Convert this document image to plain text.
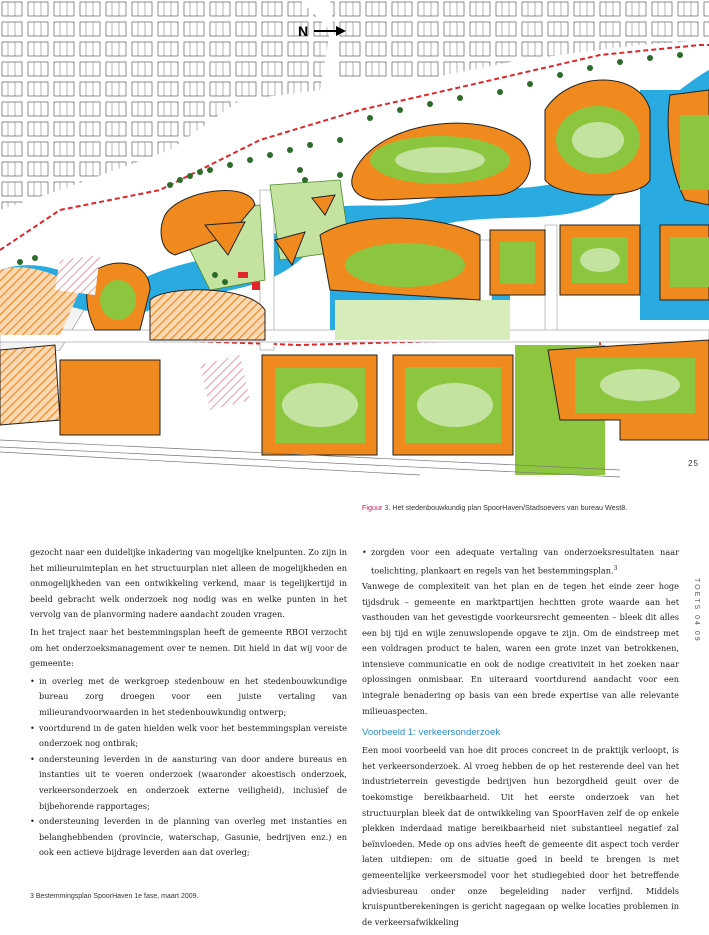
N
25
Figuur 3. Het stedenbouwkundig plan SpoorHaven/Stadsoevers van bureau West8.

gezocht naar een duidelijke inkadering van mogelijke knelpunten. Zo zijn in het milieuruimteplan en het structuurplan niet alleen de mogelijkheden en onmogelijkheden van een ontwikkeling verkend, maar is tegelijkertijd in beeld gebracht welk onderzoek nog nodig was en welke punten in het vervolg van de planvorming nadere aandacht zouden vragen.

In het traject naar het bestemmingsplan heeft de gemeente RBOI verzocht om het onderzoeksmanagement over te nemen. Dit hield in dat wij voor de gemeente:

• in overleg met de werkgroep stedenbouw en het stedenbouwkundige bureau zorg droegen voor een juiste vertaling van milieurandvoorwaarden in het stedenbouwkundig ontwerp;
• voortdurend in de gaten hielden welk voor het bestemmingsplan vereiste onderzoek nog ontbrak;
• ondersteuning leverden in de aansturing van door andere bureaus en instanties uit te voeren onderzoek (waaronder akoestisch onderzoek, verkeersonderzoek en onderzoek externe veiligheid), inclusief de bijbehorende rapportages;
• ondersteuning leverden in de planning van overleg met instanties en belanghebbenden (provincie, waterschap, Gasunie, bedrijven enz.) en ook een actieve bijdrage leverden aan dat overleg;
• zorgden voor een adequate vertaling van onderzoeksresultaten naar toelichting, plankaart en regels van het bestemmingsplan.$^3$

Vanwege de complexiteit van het plan en de tegen het einde zeer hoge tijdsdruk – gemeente en marktpartijen hechtten grote waarde aan het vasthouden van het gevestigde voorkeursrecht gemeenten – bleek dit alles een bij tijd en wijle zenuwslopende opgave te zijn. Om de eindstreep met een voldragen product te halen, waren een grote inzet van betrokkenen, intensieve communicatie en ook de nodige creativiteit in het zoeken naar oplossingen onmisbaar. En uiteraard voortdurend aandacht voor een integrale benadering op basis van een brede expertise van alle relevante milieuaspecten.

Voorbeeld 1: verkeersonderzoek

Een mooi voorbeeld van hoe dit proces concreet in de praktijk verloopt, is het verkeersonderzoek. Al vroeg hebben de op het resterende deel van het industrieterrein gevestigde bedrijven hun bezorgdheid geuit over de toekomstige bereikbaarheid. Uit het eerste onderzoek van het structuurplan bleek dat de ontwikkeling van SpoorHaven zelf de op enkele plekken inderdaad matige bereikbaarheid niet substantieel negatief zal beïnvloeden. Mede op ons advies heeft de gemeente dit aspect toch verder laten uitdiepen: om de situatie goed in beeld te brengen is met gemeentelijke verkeersmodel voor het studiegebied door het betreffende adviesbureau onder onze begeleiding nader verfijnd. Middels kruispuntberekeningen is gericht nagegaan op welke locaties problemen in de verkeersafwikkeling

TOETS 04 09
3 Bestemmingsplan SpoorHaven 1e fase, maart 2009.
